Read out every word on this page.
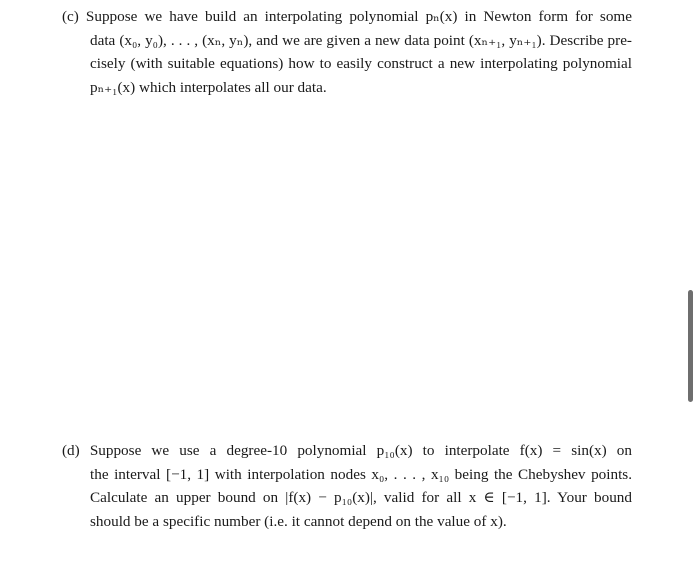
(c) Suppose we have build an interpolating polynomial pₙ(x) in Newton form for some
data (x₀, y₀), . . . , (xₙ, yₙ), and we are given a new data point (xₙ₊₁, yₙ₊₁). Describe pre-
cisely (with suitable equations) how to easily construct a new interpolating polynomial
pₙ₊₁(x) which interpolates all our data.
(d) Suppose we use a degree-10 polynomial p₁₀(x) to interpolate f(x) = sin(x) on
the interval [−1, 1] with interpolation nodes x₀, . . . , x₁₀ being the Chebyshev points.
Calculate an upper bound on |f(x) − p₁₀(x)|, valid for all x ∈ [−1, 1]. Your bound
should be a specific number (i.e. it cannot depend on the value of x).
